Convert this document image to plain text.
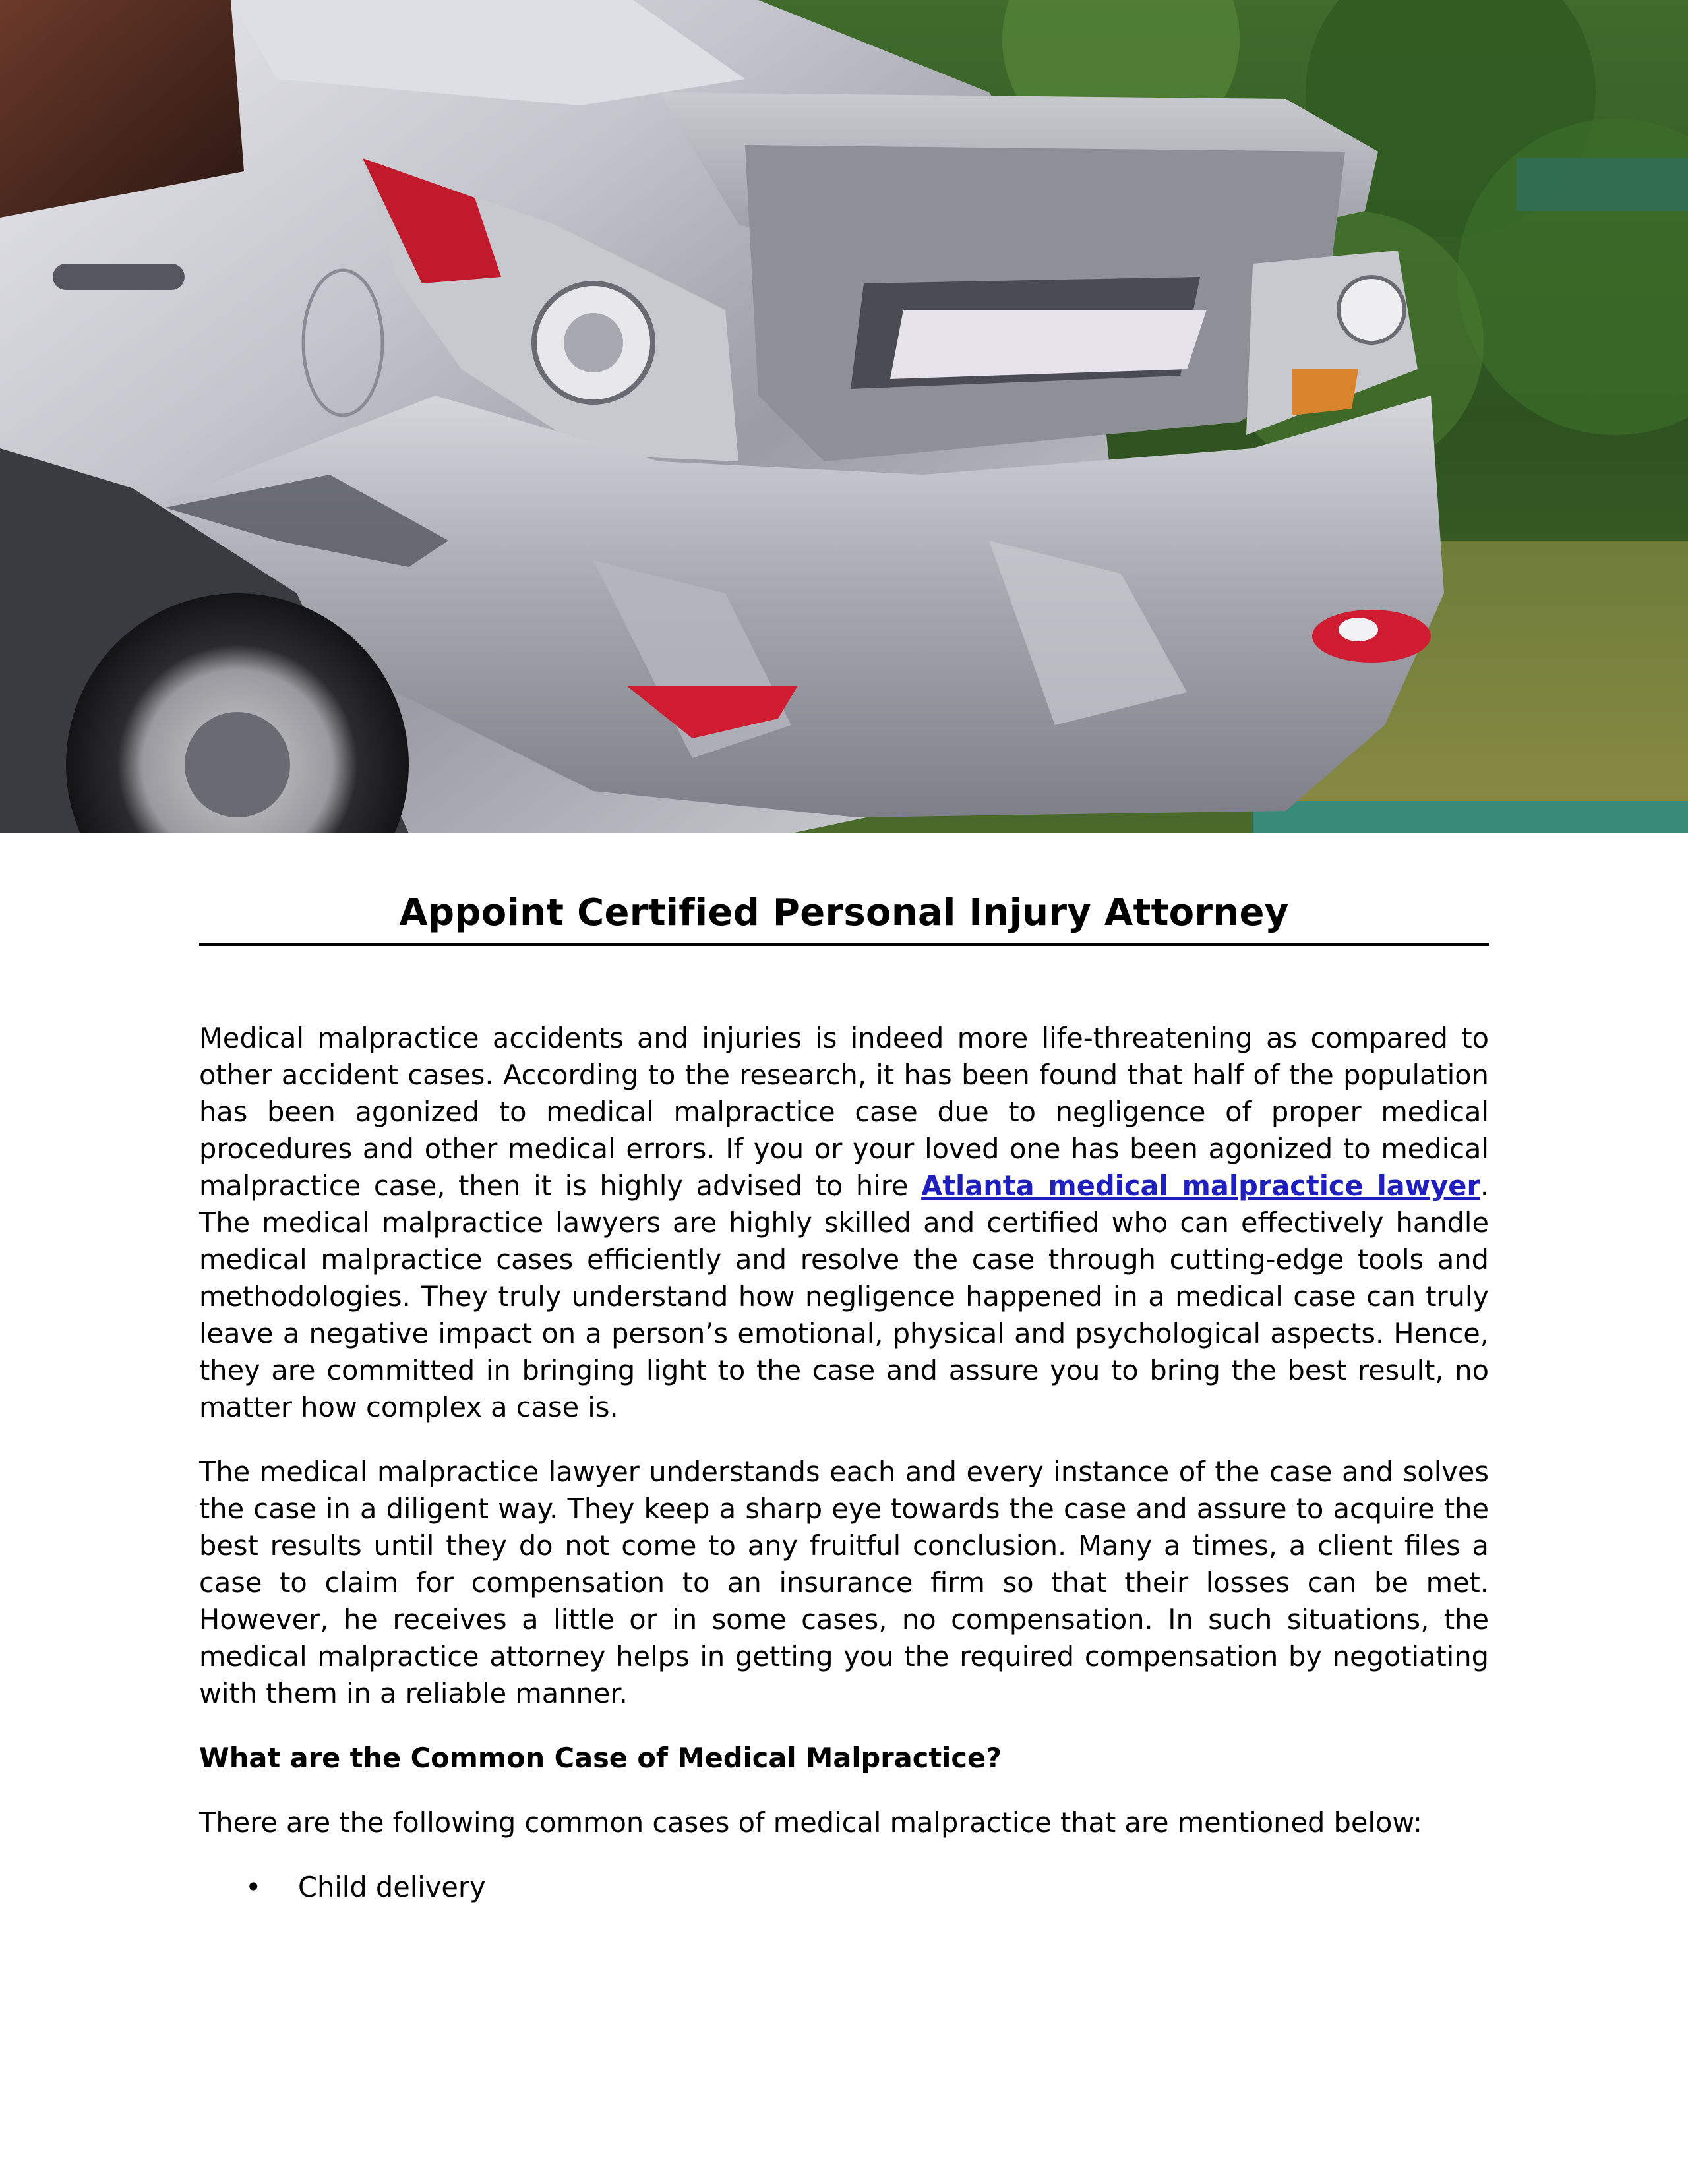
Appoint Certified Personal Injury Attorney

Medical malpractice accidents and injuries is indeed more life-threatening as compared to other accident cases. According to the research, it has been found that half of the population has been agonized to medical malpractice case due to negligence of proper medical procedures and other medical errors. If you or your loved one has been agonized to medical malpractice case, then it is highly advised to hire Atlanta medical malpractice lawyer. The medical malpractice lawyers are highly skilled and certified who can effectively handle medical malpractice cases efficiently and resolve the case through cutting-edge tools and methodologies. They truly understand how negligence happened in a medical case can truly leave a negative impact on a person’s emotional, physical and psychological aspects. Hence, they are committed in bringing light to the case and assure you to bring the best result, no matter how complex a case is.

The medical malpractice lawyer understands each and every instance of the case and solves the case in a diligent way. They keep a sharp eye towards the case and assure to acquire the best results until they do not come to any fruitful conclusion. Many a times, a client files a case to claim for compensation to an insurance firm so that their losses can be met. However, he receives a little or in some cases, no compensation. In such situations, the medical malpractice attorney helps in getting you the required compensation by negotiating with them in a reliable manner.

What are the Common Case of Medical Malpractice?

There are the following common cases of medical malpractice that are mentioned below:

• Child delivery
